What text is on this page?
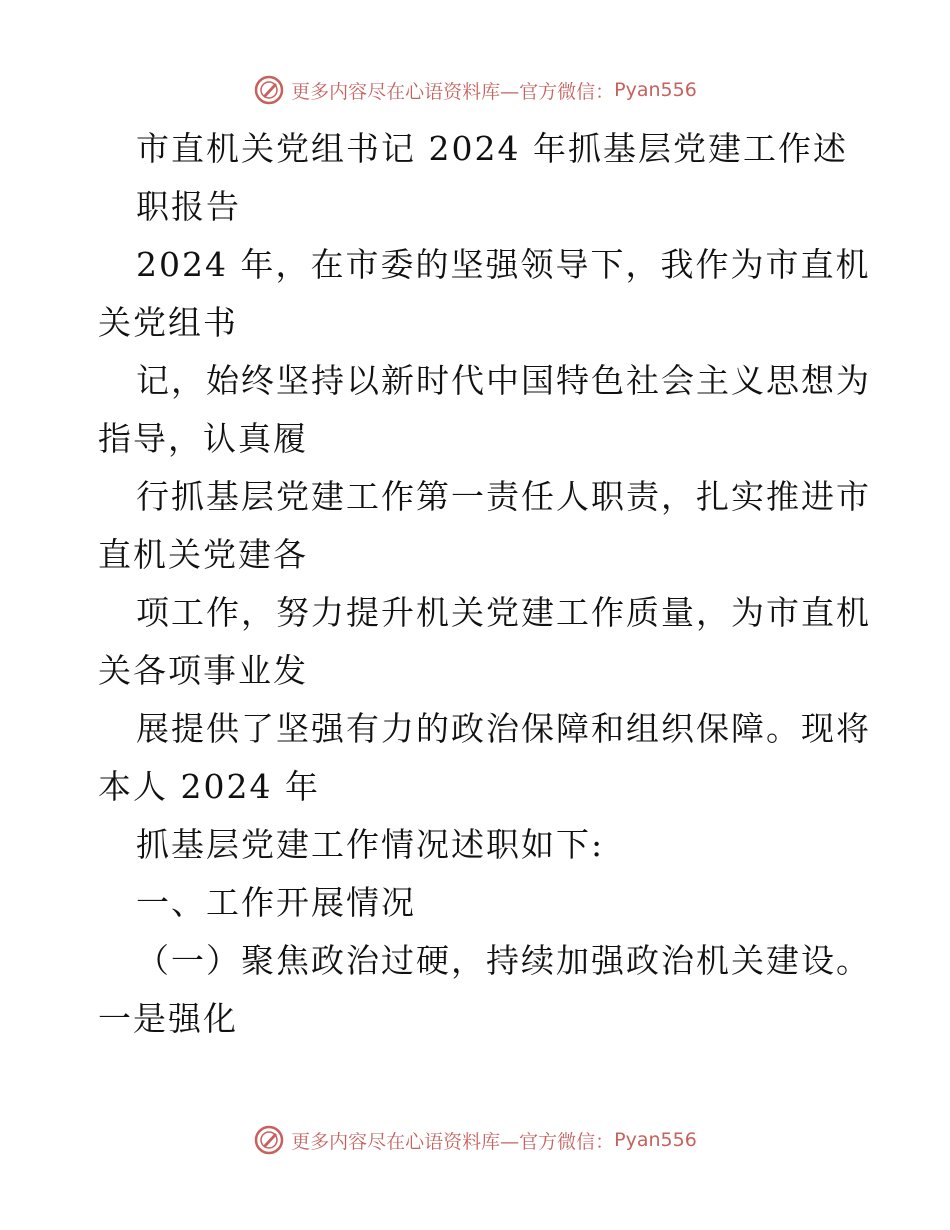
更多内容尽在心语资料库—官方微信： Pyan556
市直机关党组书记 2024 年抓基层党建工作述
职报告
2024 年，在市委的坚强领导下，我作为市直机
关党组书
记，始终坚持以新时代中国特色社会主义思想为
指导，认真履
行抓基层党建工作第一责任人职责，扎实推进市
直机关党建各
项工作，努力提升机关党建工作质量，为市直机
关各项事业发
展提供了坚强有力的政治保障和组织保障。现将
本人 2024 年
抓基层党建工作情况述职如下:
一、工作开展情况
（一）聚焦政治过硬，持续加强政治机关建设。
一是强化
更多内容尽在心语资料库—官方微信： Pyan556
